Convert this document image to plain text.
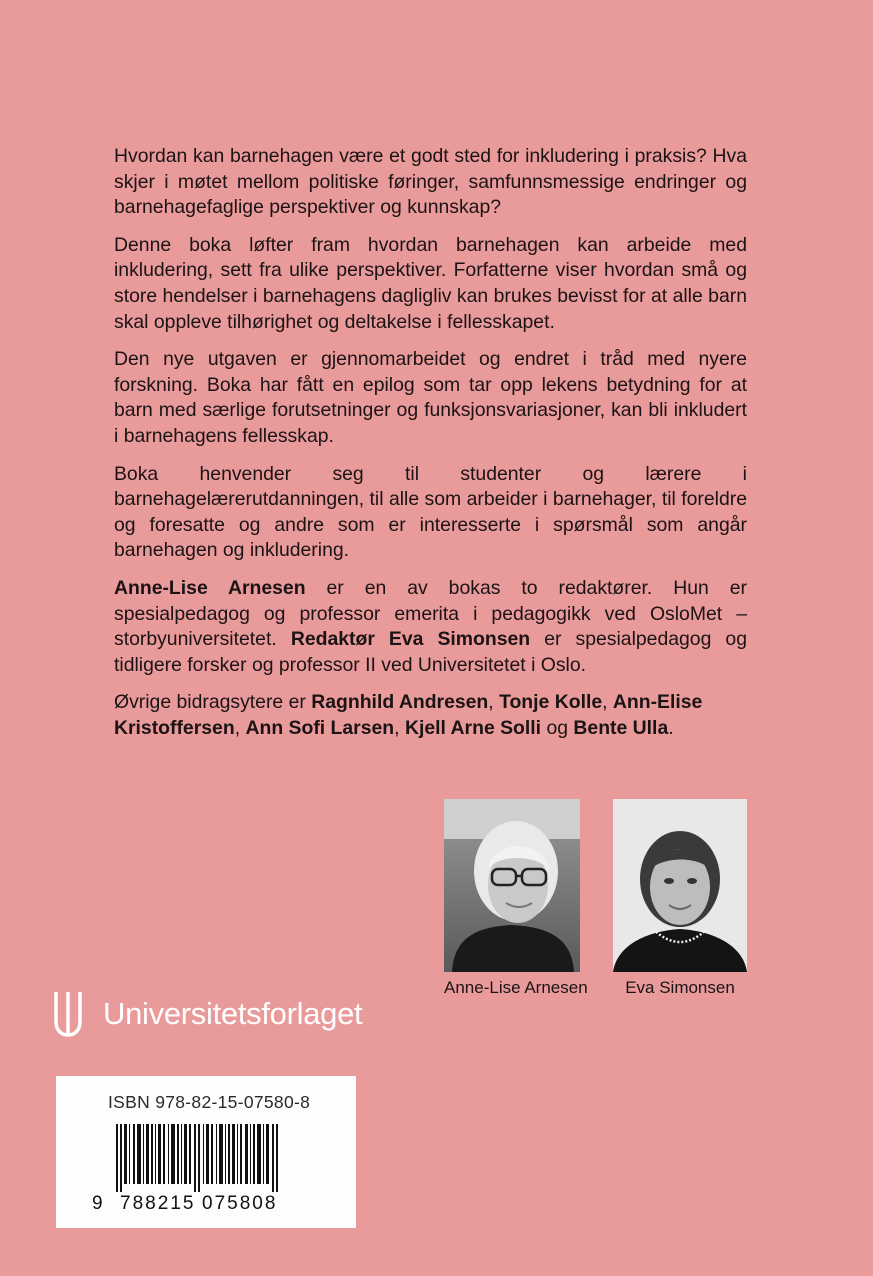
Hvordan kan barnehagen være et godt sted for inkludering i praksis? Hva skjer i møtet mellom politiske føringer, samfunnsmessige endringer og barnehagefaglige perspektiver og kunnskap?

Denne boka løfter fram hvordan barnehagen kan arbeide med inkludering, sett fra ulike perspektiver. Forfatterne viser hvordan små og store hendelser i barnehagens dagligliv kan brukes bevisst for at alle barn skal oppleve tilhørighet og deltakelse i fellesskapet.

Den nye utgaven er gjennomarbeidet og endret i tråd med nyere forskning. Boka har fått en epilog som tar opp lekens betydning for at barn med særlige forutsetninger og funksjonsvariasjoner, kan bli inkludert i barnehagens fellesskap.

Boka henvender seg til studenter og lærere i barnehagelærerutdanningen, til alle som arbeider i barnehager, til foreldre og foresatte og andre som er interesserte i spørsmål som angår barnehagen og inkludering.

Anne-Lise Arnesen er en av bokas to redaktører. Hun er spesialpedagog og professor emerita i pedagogikk ved OsloMet – storbyuniversitetet. Redaktør Eva Simonsen er spesialpedagog og tidligere forsker og professor II ved Universitetet i Oslo.

Øvrige bidragsytere er Ragnhild Andresen, Tonje Kolle, Ann-Elise Kristoffersen, Ann Sofi Larsen, Kjell Arne Solli og Bente Ulla.

Anne-Lise Arnesen	Eva Simonsen
Universitetsforlaget
ISBN 978-82-15-07580-8
9 788215 075808
